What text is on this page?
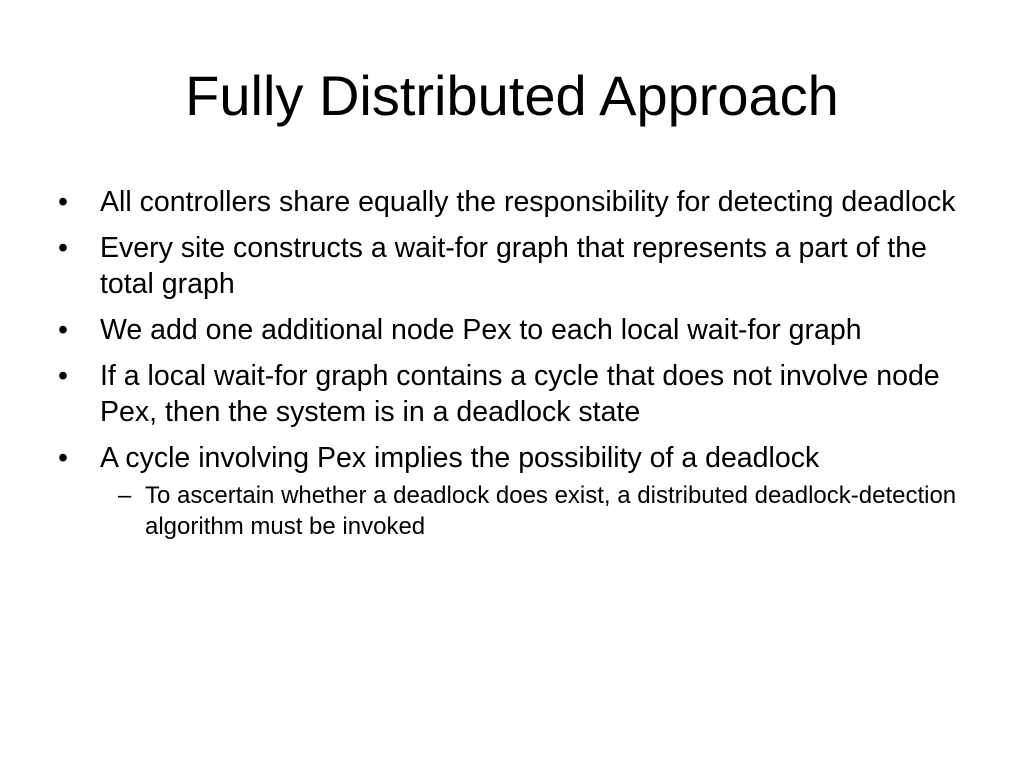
Fully Distributed Approach
• All controllers share equally the responsibility for detecting deadlock
• Every site constructs a wait-for graph that represents a part of the total graph
• We add one additional node Pex to each local wait-for graph
• If a local wait-for graph contains a cycle that does not involve node Pex, then the system is in a deadlock state
• A cycle involving Pex implies the possibility of a deadlock
– To ascertain whether a deadlock does exist, a distributed deadlock-detection algorithm must be invoked
